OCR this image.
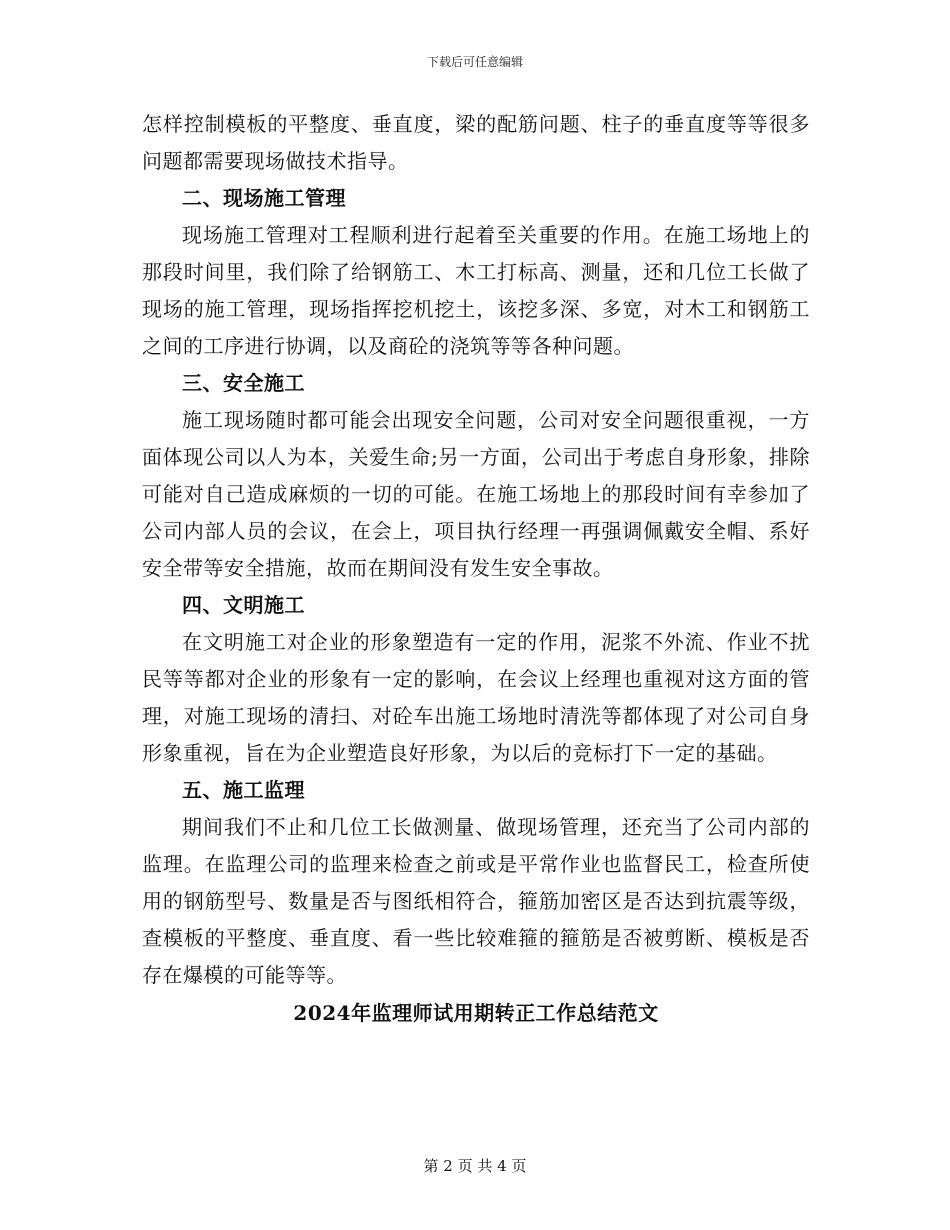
下载后可任意编辑

怎样控制模板的平整度、垂直度，梁的配筋问题、柱子的垂直度等等很多问题都需要现场做技术指导。

二、现场施工管理

现场施工管理对工程顺利进行起着至关重要的作用。在施工场地上的那段时间里，我们除了给钢筋工、木工打标高、测量，还和几位工长做了现场的施工管理，现场指挥挖机挖土，该挖多深、多宽，对木工和钢筋工之间的工序进行协调，以及商砼的浇筑等等各种问题。

三、安全施工

施工现场随时都可能会出现安全问题，公司对安全问题很重视，一方面体现公司以人为本，关爱生命;另一方面，公司出于考虑自身形象，排除可能对自己造成麻烦的一切的可能。在施工场地上的那段时间有幸参加了公司内部人员的会议，在会上，项目执行经理一再强调佩戴安全帽、系好安全带等安全措施，故而在期间没有发生安全事故。

四、文明施工

在文明施工对企业的形象塑造有一定的作用，泥浆不外流、作业不扰民等等都对企业的形象有一定的影响，在会议上经理也重视对这方面的管理，对施工现场的清扫、对砼车出施工场地时清洗等都体现了对公司自身形象重视，旨在为企业塑造良好形象，为以后的竞标打下一定的基础。

五、施工监理

期间我们不止和几位工长做测量、做现场管理，还充当了公司内部的监理。在监理公司的监理来检查之前或是平常作业也监督民工，检查所使用的钢筋型号、数量是否与图纸相符合，箍筋加密区是否达到抗震等级，查模板的平整度、垂直度、看一些比较难箍的箍筋是否被剪断、模板是否存在爆模的可能等等。

2024年监理师试用期转正工作总结范文
第 2 页 共 4 页
